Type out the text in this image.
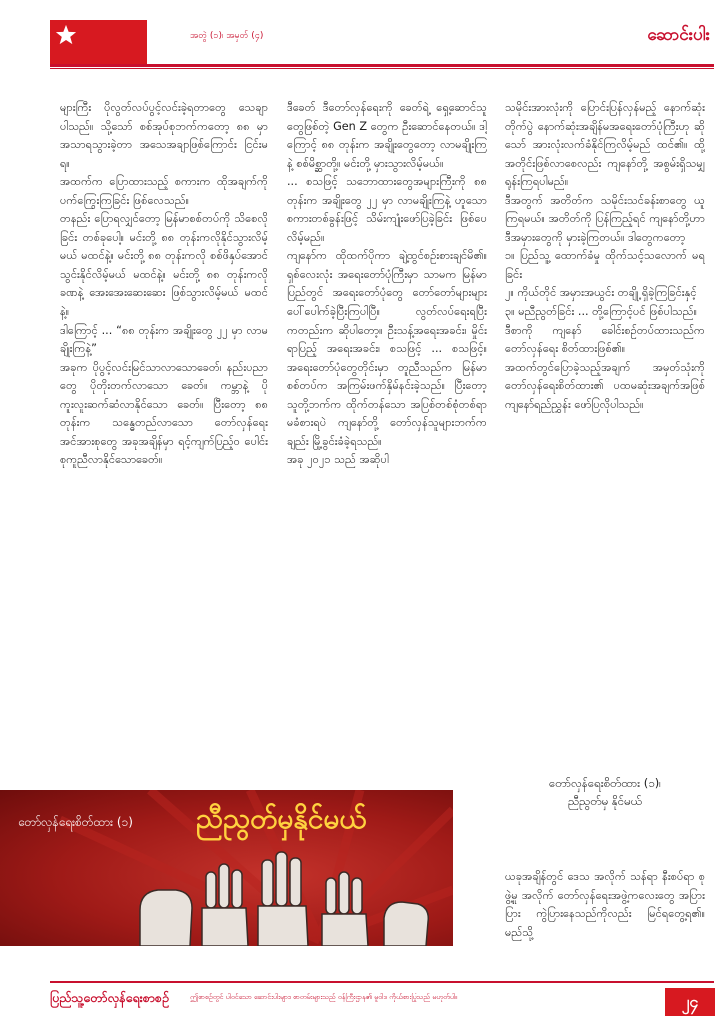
အတွဲ (၁)၊ အမှတ် (၄)	ဆောင်းပါး

များကြီး ပိုလွတ်လပ်ပွင့်လင်းခဲ့ရတာတွေ သေချာပါသည်။ သို့သော် စစ်အုပ်စုဘက်ကတော့ ၈၈ မှာ အသာရသွားခဲ့တာ အသေအချာဖြစ်ကြောင်း ငြင်းမရ။

အထက်က ပြောထားသည့် စကားက ထိုအချက်ကို ပက်ကြွေးကြခြင်း ဖြစ်လေသည်။

တနည်း ပြောရလျှင်တော့ မြန်မာစစ်တပ်ကို သိစေလိုခြင်း တစ်ခုပေါ့။ မင်းတို့ ၈၈ တုန်းကလိုနိုင်သွားလိမ့်မယ် မထင်နဲ့။ မင်းတို့ ၈၈ တုန်းကလို စစ်ဖိနှပ်အောင် သွင်းနိုင်လိမ့်မယ် မထင်နဲ့။ မင်းတို့ ၈၈ တုန်းကလို ခဏနဲ့ အေးအေးဆေးဆေး ဖြစ်သွားလိမ့်မယ် မထင်နဲ့။

ဒါကြောင့် ... “၈၈ တုန်းက အချိုးတွေ ၂၂ မှာ လာမချိုးကြနဲ့”

အခုက ပိုပွင့်လင်းမြင်သာလာသောခေတ်၊ နည်းပညာတွေ ပိုတိုးတက်လာသော ခေတ်။ ကမ္ဘာနဲ့ ပို ကူးလူးဆက်ဆံလာနိုင်သော ခေတ်။ ပြီးတော့ ၈၈ တုန်းက သန္ဓေတည်လာသော တော်လှန်ရေး အင်အားစုတွေ အခုအချိန်မှာ ရင့်ကျက်ပြည့်ဝ ပေါင်းစုကူညီလာနိုင်သောခေတ်။

ဒီခေတ် ဒီတော်လှန်ရေးကို ခေတ်ရဲ့ ရှေ့ဆောင်သူတွေဖြစ်တဲ့ Gen Z တွေက ဦးဆောင်နေတယ်။ ဒါ့ကြောင့် ၈၈ တုန်းက အချိုးတွေတော့ လာမချိုးကြနဲ့ စစ်မိစ္ဆာတို့။ မင်းတို့ မှားသွားလိမ့်မယ်။

... စသဖြင့် သဘောထားတွေအများကြီးကို ၈၈ တုန်းက အချိုးတွေ ၂၂ မှာ လာမချိုးကြနဲ့ ဟူသော စကားတစ်ခွန်းဖြင့် သိမ်းကျုံးဖော်ပြခဲ့ခြင်း ဖြစ်ပေလိမ့်မည်။

ကျနော်က ထိုထက်ပိုကာ ချဲ့ထွင်စဥ်းစားချင်မိ၏။ ရှစ်လေးလုံး အရေးတော်ပုံကြီးမှာ သာမက မြန်မာပြည်တွင် အရေးတော်ပုံတွေ တော်တော်များများ ပေါ်ပေါက်ခဲ့ပြီးကြပါပြီ။ လွတ်လပ်ရေးရပြီး ကတည်းက ဆိုပါတော့။ ဦးသန့်အရေးအခင်း၊ မှိုင်းရာပြည့် အရေးအခင်း၊ စသဖြင့် ... စသဖြင့်။ အရေးတော်ပုံတွေတိုင်းမှာ တူညီသည်က မြန်မာစစ်တပ်က အကြမ်းဖက်နှိမ်နင်းခဲ့သည်။ ပြီးတော့ သူတို့ဘက်က ထိုက်တန်သော အပြစ်တစ်စုံတစ်ရာမခံစားရပဲ ကျနော်တို့ တော်လှန်သူများဘက်ကချည်း မြို့ခွင်းခံခဲ့ရသည်။

အခု ၂၀၂၁ သည် အဆိုပါ

သမိုင်းအားလုံးကို ပြောင်းပြန်လှန်မည့် နောက်ဆုံးတိုက်ပွဲ နောက်ဆုံးအချိန်မအရေးတော်ပုံကြီးဟု ဆိုသော် အားလုံးလက်ခံနိုင်ကြလိမ့်မည် ထင်၏။ ထို့အတိုင်းဖြစ်လာစေလည်း ကျနော်တို့ အစွမ်းရှိသမျှ ရုန်းကြရပါမည်။

ဒီအတွက် အတိတ်က သမိုင်းသင်ခန်းစာတွေ ယူကြရမယ်။ အတိတ်ကို ပြန်ကြည့်ရင် ကျနော်တို့ဟာ ဒီအမှားတွေကို မှားခဲ့ကြတယ်။ ဒါတွေကတော့

၁။ ပြည်သူ့ ထောက်ခံမှု ထိုက်သင့်သလောက် မရခြင်း

၂။ ကိုယ်တိုင် အမှားအယွင်း တချို့ ရှိခဲ့ကြခြင်းနှင့်

၃။ မညီညွတ်ခြင်း ... တို့ကြောင့်ပင် ဖြစ်ပါသည်။

ဒီစာကို ကျနော် ခေါင်းစဥ်တပ်ထားသည်က တော်လှန်ရေး စိတ်ထားဖြစ်၏။

အထက်တွင်ပြောခဲ့သည့်အချက် အမှတ်သုံးကို တော်လှန်ရေးစိတ်ထား၏ ပထမဆုံးအချက်အဖြစ် ကျနော်ရည်ညွှန်း ဖော်ပြလိုပါသည်။

တော်လှန်ရေးစိတ်ထား (၁)၊
ညီညွတ်မှ နိုင်မယ်

ယခုအချိန်တွင် ဒေသ အလိုက် သန်ရာ နီးစပ်ရာ စုဖွဲ့မှု အလိုက် တော်လှန်ရေးအဖွဲ့ကလေးတွေ အပြားပြား ကွဲပြားနေသည်ကိုလည်း မြင်ရတွေ့ရ၏။ မည်သို့

တော်လှန်ရေးစိတ်ထား (၁) ညီညွတ်မှနိုင်မယ်
ပြည်သူ့တော်လှန်ရေးစာစဉ်	ဤစာစဥ်တွင် ပါဝင်သော ဆောင်းပါးများ၊ စာတမ်းများသည် ဝန်ကြီးဌာန၏ မူဝါဒ ကိုယ်စားပြုသည် မဟုတ်ပါ။	၂၄
